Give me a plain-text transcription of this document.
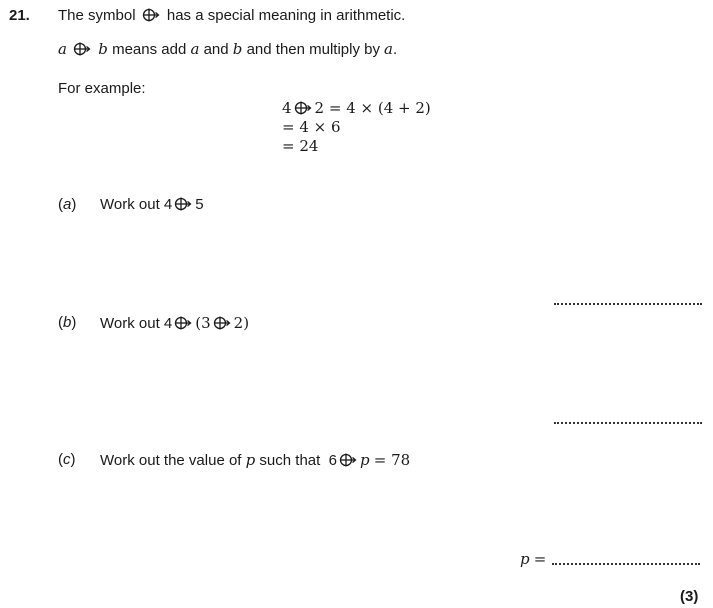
21. The symbol has a special meaning in arithmetic.
a b means add a and b and then multiply by a.
For example:
4 2 = 4 × (4 + 2)
= 4 × 6
= 24
(a) Work out 4 5
(b) Work out 4 (3 2)
(c) Work out the value of p such that  6 p = 78
p =
(3)
